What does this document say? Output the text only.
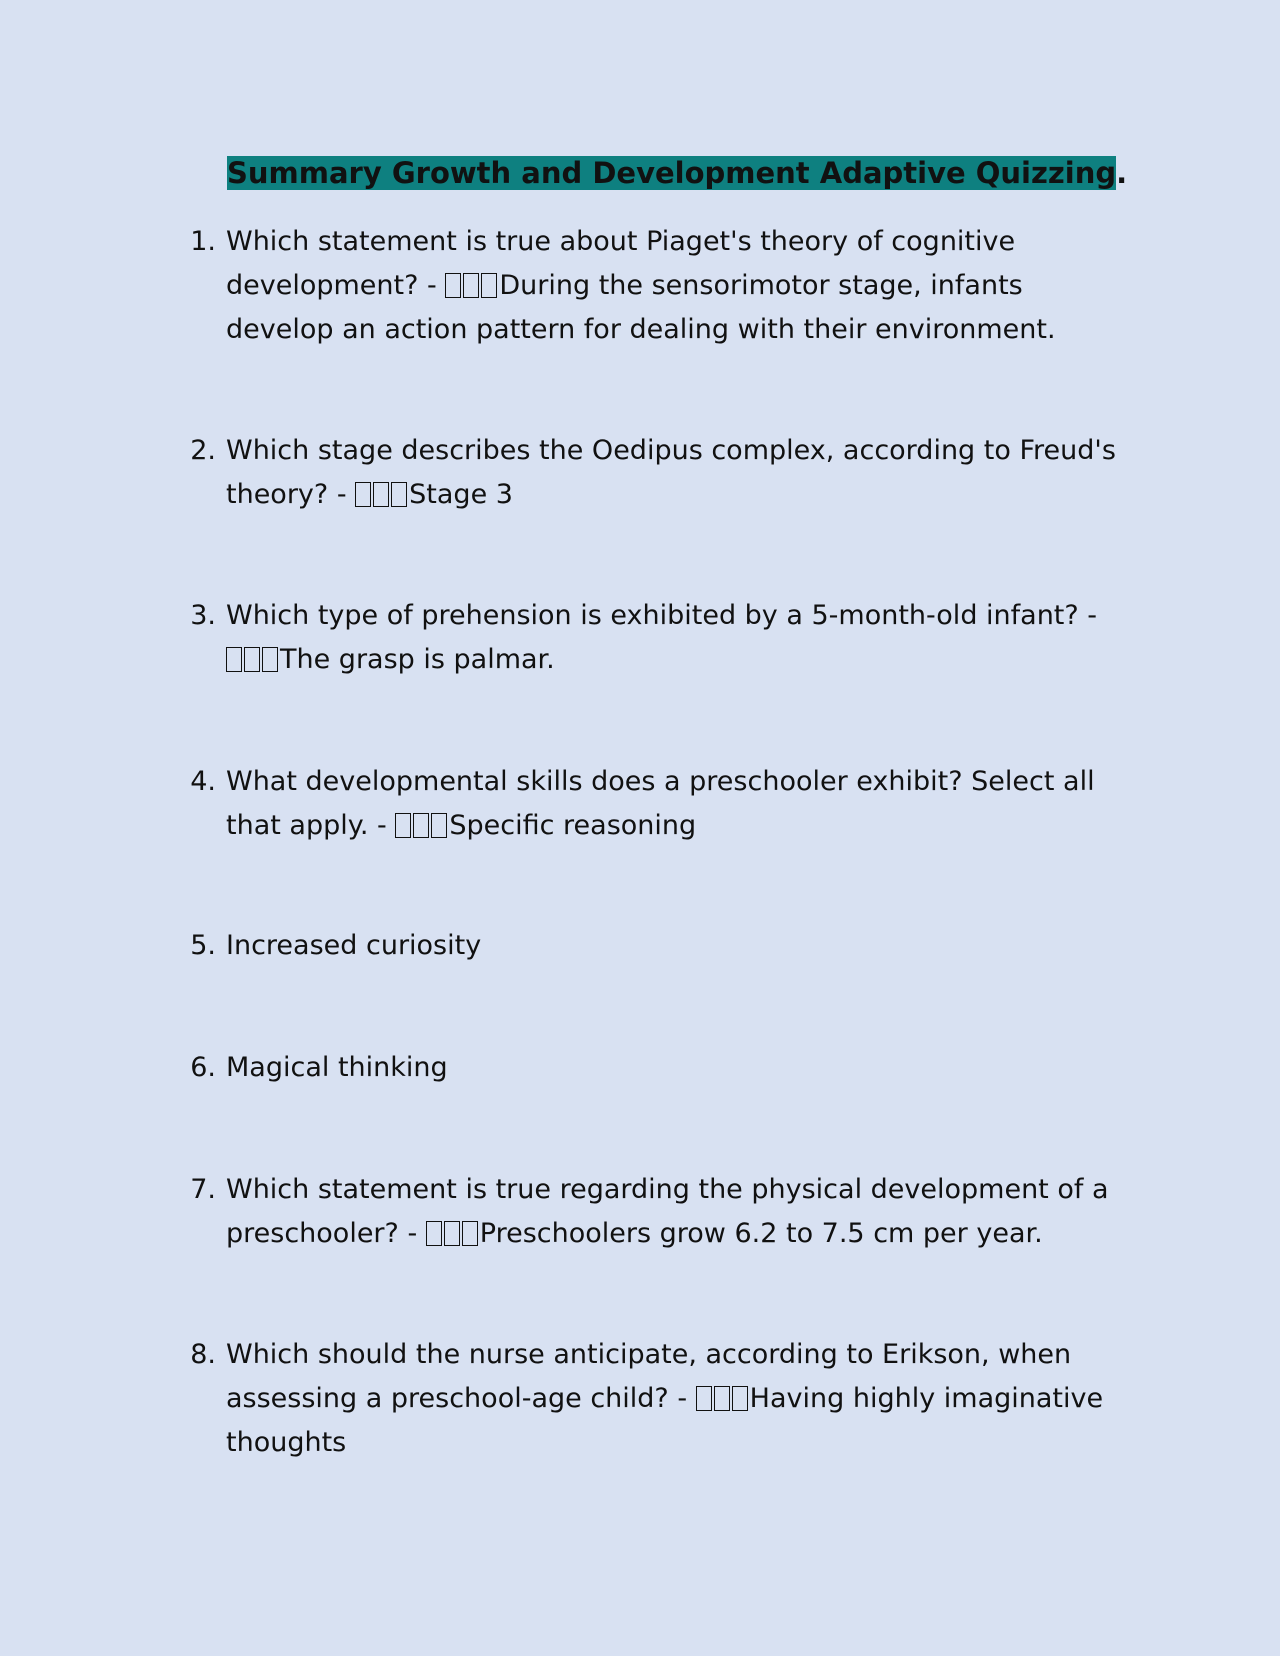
Summary Growth and Development Adaptive Quizzing.
1. Which statement is true about Piaget's theory of cognitive development? - During the sensorimotor stage, infants develop an action pattern for dealing with their environment.
2. Which stage describes the Oedipus complex, according to Freud's theory? - Stage 3
3. Which type of prehension is exhibited by a 5-month-old infant? - The grasp is palmar.
4. What developmental skills does a preschooler exhibit? Select all that apply. - Specific reasoning
5. Increased curiosity
6. Magical thinking
7. Which statement is true regarding the physical development of a preschooler? - Preschoolers grow 6.2 to 7.5 cm per year.
8. Which should the nurse anticipate, according to Erikson, when assessing a preschool-age child? - Having highly imaginative thoughts
